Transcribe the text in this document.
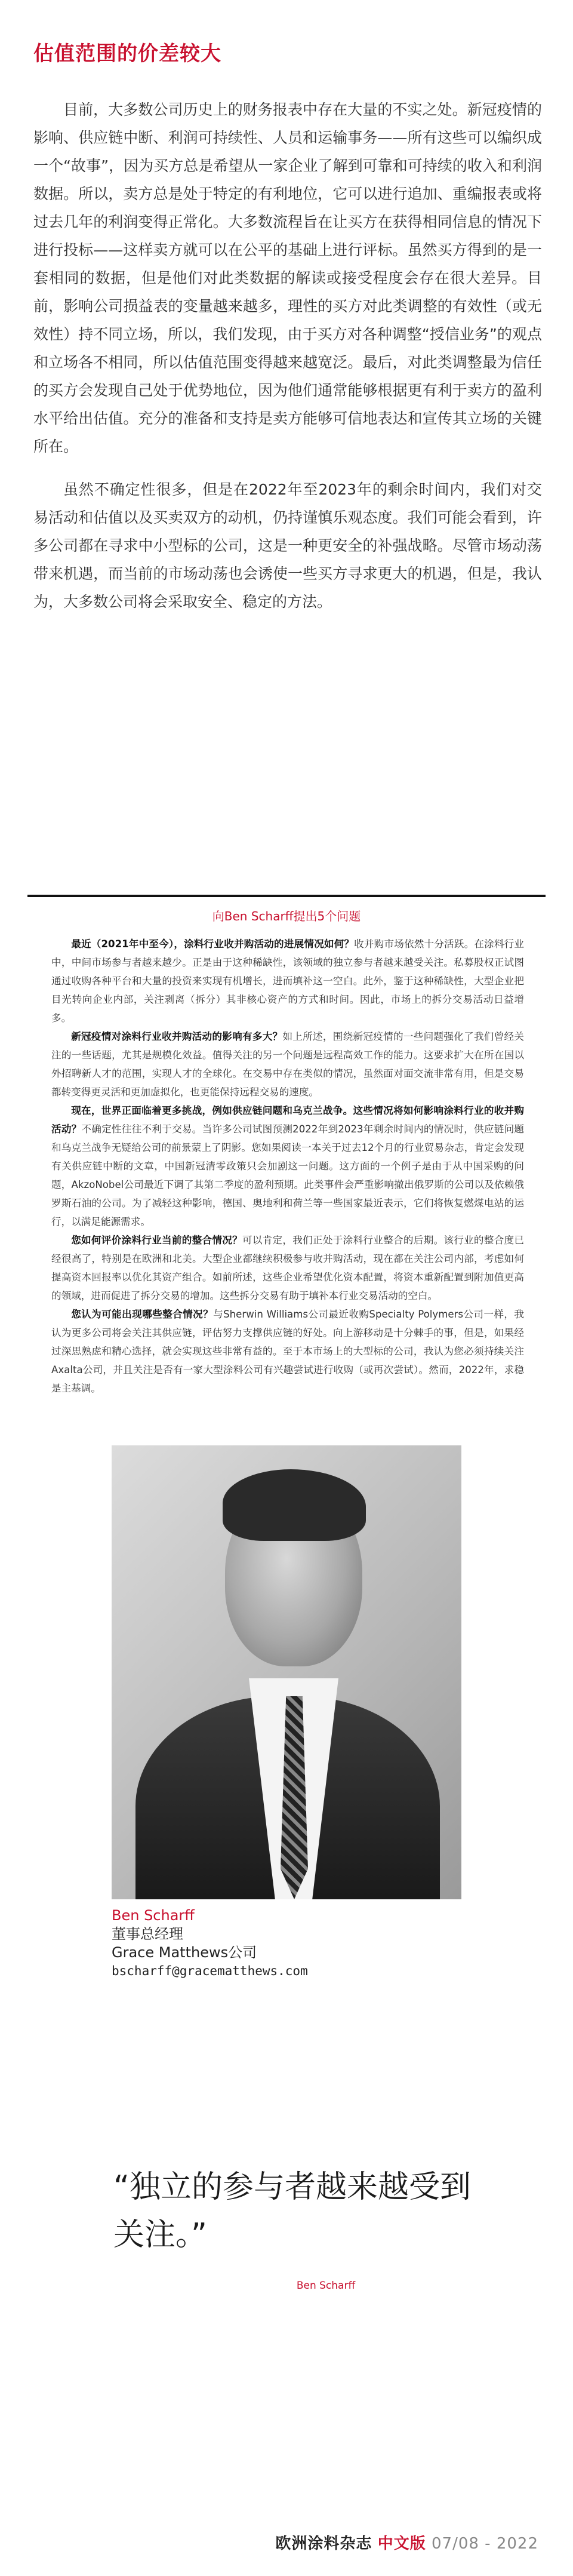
估值范围的价差较大

目前，大多数公司历史上的财务报表中存在大量的不实之处。新冠疫情的影响、供应链中断、利润可持续性、人员和运输事务——所有这些可以编织成一个“故事”，因为买方总是希望从一家企业了解到可靠和可持续的收入和利润数据。所以，卖方总是处于特定的有利地位，它可以进行追加、重编报表或将过去几年的利润变得正常化。大多数流程旨在让买方在获得相同信息的情况下进行投标——这样卖方就可以在公平的基础上进行评标。虽然买方得到的是一套相同的数据，但是他们对此类数据的解读或接受程度会存在很大差异。目前，影响公司损益表的变量越来越多，理性的买方对此类调整的有效性（或无效性）持不同立场，所以，我们发现，由于买方对各种调整“授信业务”的观点和立场各不相同，所以估值范围变得越来越宽泛。最后，对此类调整最为信任的买方会发现自己处于优势地位，因为他们通常能够根据更有利于卖方的盈利水平给出估值。充分的准备和支持是卖方能够可信地表达和宣传其立场的关键所在。

虽然不确定性很多，但是在2022年至2023年的剩余时间内，我们对交易活动和估值以及买卖双方的动机，仍持谨慎乐观态度。我们可能会看到，许多公司都在寻求中小型标的公司，这是一种更安全的补强战略。尽管市场动荡带来机遇，而当前的市场动荡也会诱使一些买方寻求更大的机遇，但是，我认为，大多数公司将会采取安全、稳定的方法。

向Ben Scharff提出5个问题

最近（2021年中至今），涂料行业收并购活动的进展情况如何？收并购市场依然十分活跃。在涂料行业中，中间市场参与者越来越少。正是由于这种稀缺性，该领域的独立参与者越来越受关注。私募股权正试图通过收购各种平台和大量的投资来实现有机增长，进而填补这一空白。此外，鉴于这种稀缺性，大型企业把目光转向企业内部，关注剥离（拆分）其非核心资产的方式和时间。因此，市场上的拆分交易活动日益增多。

新冠疫情对涂料行业收并购活动的影响有多大？如上所述，围绕新冠疫情的一些问题强化了我们曾经关注的一些话题，尤其是规模化效益。值得关注的另一个问题是远程高效工作的能力。这要求扩大在所在国以外招聘新人才的范围，实现人才的全球化。在交易中存在类似的情况，虽然面对面交流非常有用，但是交易都转变得更灵活和更加虚拟化，也更能保持远程交易的速度。

现在，世界正面临着更多挑战，例如供应链问题和乌克兰战争。这些情况将如何影响涂料行业的收并购活动？不确定性往往不利于交易。当许多公司试图预测2022年到2023年剩余时间内的情况时，供应链问题和乌克兰战争无疑给公司的前景蒙上了阴影。您如果阅读一本关于过去12个月的行业贸易杂志，肯定会发现有关供应链中断的文章，中国新冠清零政策只会加剧这一问题。这方面的一个例子是由于从中国采购的问题，AkzoNobel公司最近下调了其第二季度的盈利预期。此类事件会严重影响撤出俄罗斯的公司以及依赖俄罗斯石油的公司。为了减轻这种影响，德国、奥地利和荷兰等一些国家最近表示，它们将恢复燃煤电站的运行，以满足能源需求。

您如何评价涂料行业当前的整合情况？可以肯定，我们正处于涂料行业整合的后期。该行业的整合度已经很高了，特别是在欧洲和北美。大型企业都继续积极参与收并购活动，现在都在关注公司内部，考虑如何提高资本回报率以优化其资产组合。如前所述，这些企业希望优化资本配置，将资本重新配置到附加值更高的领域，进而促进了拆分交易的增加。这些拆分交易有助于填补本行业交易活动的空白。

您认为可能出现哪些整合情况？与Sherwin Williams公司最近收购Specialty Polymers公司一样，我认为更多公司将会关注其供应链，评估努力支撑供应链的好处。向上游移动是十分棘手的事，但是，如果经过深思熟虑和精心选择，就会实现这些非常有益的。至于本市场上的大型标的公司，我认为您必须持续关注Axalta公司，并且关注是否有一家大型涂料公司有兴趣尝试进行收购（或再次尝试）。然而，2022年，求稳是主基调。

Ben Scharff
董事总经理
Grace Matthews公司
bscharff@gracematthews.com
“独立的参与者越来越受到关注。”
Ben Scharff
欧洲涂料杂志 中文版 07/08 - 2022
